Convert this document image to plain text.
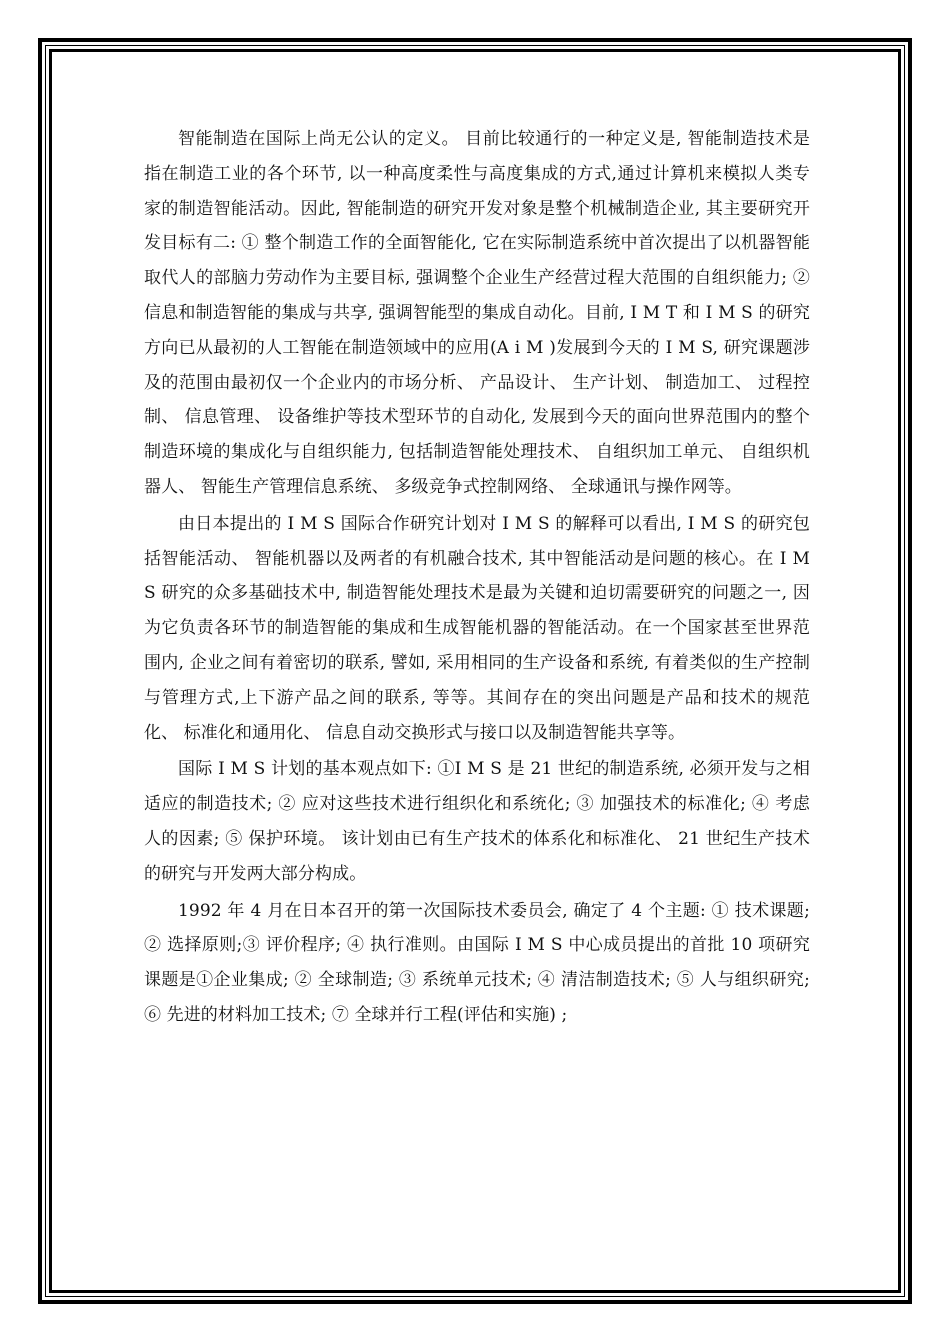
智能制造在国际上尚无公认的定义。 目前比较通行的一种定义是, 智能制造技术是指在制造工业的各个环节, 以一种高度柔性与高度集成的方式,通过计算机来模拟人类专家的制造智能活动。因此, 智能制造的研究开发对象是整个机械制造企业, 其主要研究开发目标有二: ① 整个制造工作的全面智能化, 它在实际制造系统中首次提出了以机器智能取代人的部脑力劳动作为主要目标, 强调整个企业生产经营过程大范围的自组织能力; ② 信息和制造智能的集成与共享, 强调智能型的集成自动化。目前, I M T 和 I M S 的研究方向已从最初的人工智能在制造领域中的应用(A i M )发展到今天的 I M S, 研究课题涉及的范围由最初仅一个企业内的市场分析、 产品设计、 生产计划、 制造加工、 过程控制、 信息管理、 设备维护等技术型环节的自动化, 发展到今天的面向世界范围内的整个制造环境的集成化与自组织能力, 包括制造智能处理技术、 自组织加工单元、 自组织机器人、 智能生产管理信息系统、 多级竞争式控制网络、 全球通讯与操作网等。

由日本提出的 I M S 国际合作研究计划对 I M S 的解释可以看出, I M S 的研究包括智能活动、 智能机器以及两者的有机融合技术, 其中智能活动是问题的核心。在 I M S 研究的众多基础技术中, 制造智能处理技术是最为关键和迫切需要研究的问题之一, 因为它负责各环节的制造智能的集成和生成智能机器的智能活动。在一个国家甚至世界范围内, 企业之间有着密切的联系, 譬如, 采用相同的生产设备和系统, 有着类似的生产控制与管理方式,上下游产品之间的联系, 等等。其间存在的突出问题是产品和技术的规范化、 标准化和通用化、 信息自动交换形式与接口以及制造智能共享等。

国际 I M S 计划的基本观点如下: ①I M S 是 21 世纪的制造系统, 必须开发与之相适应的制造技术; ② 应对这些技术进行组织化和系统化; ③ 加强技术的标准化; ④ 考虑人的因素; ⑤ 保护环境。 该计划由已有生产技术的体系化和标准化、 21 世纪生产技术的研究与开发两大部分构成。

1992 年 4 月在日本召开的第一次国际技术委员会, 确定了 4 个主题: ① 技术课题; ② 选择原则;③ 评价程序; ④ 执行准则。由国际 I M S 中心成员提出的首批 10 项研究课题是①企业集成; ② 全球制造; ③ 系统单元技术; ④ 清洁制造技术; ⑤ 人与组织研究; ⑥ 先进的材料加工技术; ⑦ 全球并行工程(评估和实施) ;
